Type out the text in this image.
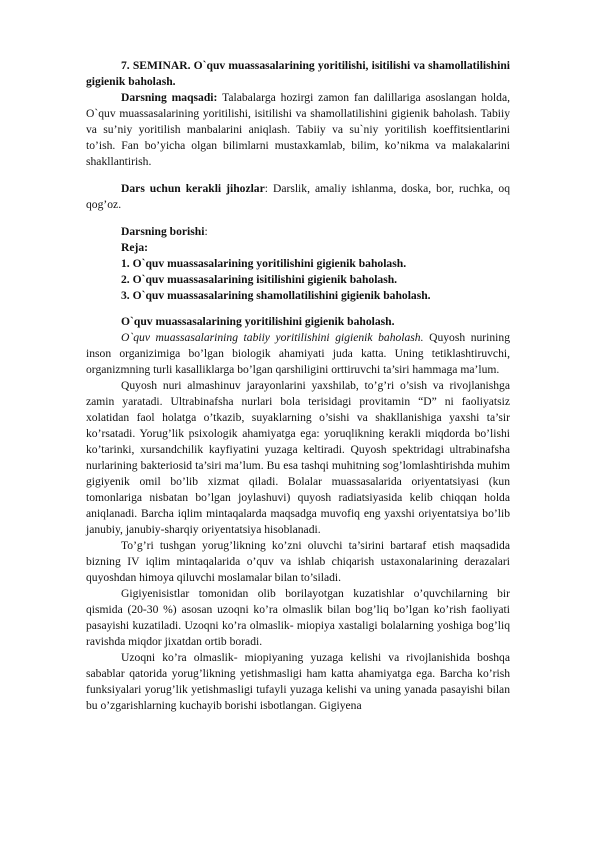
7. SEMINAR. O`quv muassasalarining yoritilishi, isitilishi va shamollatilishini gigienik baholash.

Darsning maqsadi: Talabalarga hozirgi zamon fan dalillariga asoslangan holda, O`quv muassasalarining yoritilishi, isitilishi va shamollatilishini gigienik baholash. Tabiiy va su’niy yoritilish manbalarini aniqlash. Tabiiy va su`niy yoritilish koeffitsientlarini to’ish. Fan bo’yicha olgan bilimlarni mustaxkamlab, bilim, ko’nikma va malakalarini shakllantirish.

Dars uchun kerakli jihozlar: Darslik, amaliy ishlanma, doska, bor, ruchka, oq qog’oz.

Darsning borishi:

Reja:

1. O`quv muassasalarining yoritilishini gigienik baholash.

2. O`quv muassasalarining isitilishini gigienik baholash.

3. O`quv muassasalarining shamollatilishini gigienik baholash.

O`quv muassasalarining yoritilishini gigienik baholash.

O`quv muassasalarining tabiiy yoritilishini gigienik baholash. Quyosh nurining inson organizimiga bo’lgan biologik ahamiyati juda katta. Uning tetiklashtiruvchi, organizmning turli kasalliklarga bo’lgan qarshiligini orttiruvchi ta’siri hammaga ma’lum.

Quyosh nuri almashinuv jarayonlarini yaxshilab, to’g’ri o’sish va rivojlanishga zamin yaratadi. Ultrabinafsha nurlari bola terisidagi provitamin “D” ni faoliyatsiz xolatidan faol holatga o’tkazib, suyaklarning o’sishi va shakllanishiga yaxshi ta’sir ko’rsatadi. Yorug’lik psixologik ahamiyatga ega: yoruqlikning kerakli miqdorda bo’lishi ko’tarinki, xursandchilik kayfiyatini yuzaga keltiradi. Quyosh spektridagi ultrabinafsha nurlarining bakteriosid ta’siri ma’lum. Bu esa tashqi muhitning sog’lomlashtirishda muhim gigiyenik omil bo’lib xizmat qiladi. Bolalar muassasalarida oriyentatsiyasi (kun tomonlariga nisbatan bo’lgan joylashuvi) quyosh radiatsiyasida kelib chiqqan holda aniqlanadi. Barcha iqlim mintaqalarda maqsadga muvofiq eng yaxshi oriyentatsiya bo’lib janubiy, janubiy-sharqiy oriyentatsiya hisoblanadi.

To’g’ri tushgan yorug’likning ko’zni oluvchi ta’sirini bartaraf etish maqsadida bizning IV iqlim mintaqalarida o’quv va ishlab chiqarish ustaxonalarining derazalari quyoshdan himoya qiluvchi moslamalar bilan to’siladi.

Gigiyenisistlar tomonidan olib borilayotgan kuzatishlar o’quvchilarning bir qismida (20-30 %) asosan uzoqni ko’ra olmaslik bilan bog’liq bo’lgan ko’rish faoliyati pasayishi kuzatiladi. Uzoqni ko’ra olmaslik- miopiya xastaligi bolalarning yoshiga bog’liq ravishda miqdor jixatdan ortib boradi.

Uzoqni ko’ra olmaslik- miopiyaning yuzaga kelishi va rivojlanishida boshqa sabablar qatorida yorug’likning yetishmasligi ham katta ahamiyatga ega. Barcha ko’rish funksiyalari yorug’lik yetishmasligi tufayli yuzaga kelishi va uning yanada pasayishi bilan bu o’zgarishlarning kuchayib borishi isbotlangan. Gigiyena
